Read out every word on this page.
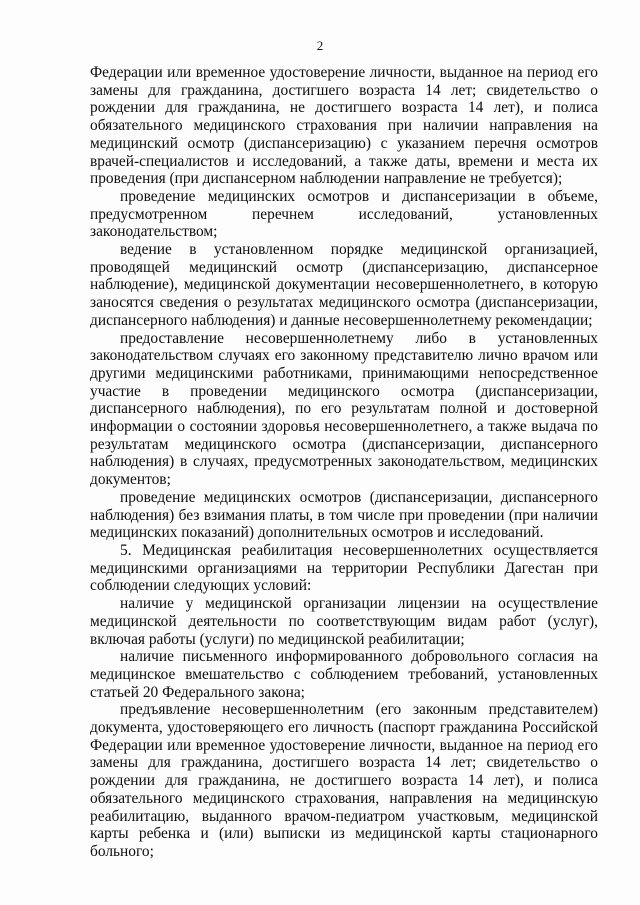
2

Федерации или временное удостоверение личности, выданное на период его замены для гражданина, достигшего возраста 14 лет; свидетельство о рождении для гражданина, не достигшего возраста 14 лет), и полиса обязательного медицинского страхования при наличии направления на медицинский осмотр (диспансеризацию) с указанием перечня осмотров врачей-специалистов и исследований, а также даты, времени и места их проведения (при диспансерном наблюдении направление не требуется);

проведение медицинских осмотров и диспансеризации в объеме, предусмотренном перечнем исследований, установленных законодательством;

ведение в установленном порядке медицинской организацией, проводящей медицинский осмотр (диспансеризацию, диспансерное наблюдение), медицинской документации несовершеннолетнего, в которую заносятся сведения о результатах медицинского осмотра (диспансеризации, диспансерного наблюдения) и данные несовершеннолетнему рекомендации;

предоставление несовершеннолетнему либо в установленных законодательством случаях его законному представителю лично врачом или другими медицинскими работниками, принимающими непосредственное участие в проведении медицинского осмотра (диспансеризации, диспансерного наблюдения), по его результатам полной и достоверной информации о состоянии здоровья несовершеннолетнего, а также выдача по результатам медицинского осмотра (диспансеризации, диспансерного наблюдения) в случаях, предусмотренных законодательством, медицинских документов;

проведение медицинских осмотров (диспансеризации, диспансерного наблюдения) без взимания платы, в том числе при проведении (при наличии медицинских показаний) дополнительных осмотров и исследований.

5. Медицинская реабилитация несовершеннолетних осуществляется медицинскими организациями на территории Республики Дагестан при соблюдении следующих условий:

наличие у медицинской организации лицензии на осуществление медицинской деятельности по соответствующим видам работ (услуг), включая работы (услуги) по медицинской реабилитации;

наличие письменного информированного добровольного согласия на медицинское вмешательство с соблюдением требований, установленных статьей 20 Федерального закона;

предъявление несовершеннолетним (его законным представителем) документа, удостоверяющего его личность (паспорт гражданина Российской Федерации или временное удостоверение личности, выданное на период его замены для гражданина, достигшего возраста 14 лет; свидетельство о рождении для гражданина, не достигшего возраста 14 лет), и полиса обязательного медицинского страхования, направления на медицинскую реабилитацию, выданного врачом-педиатром участковым, медицинской карты ребенка и (или) выписки из медицинской карты стационарного больного;
